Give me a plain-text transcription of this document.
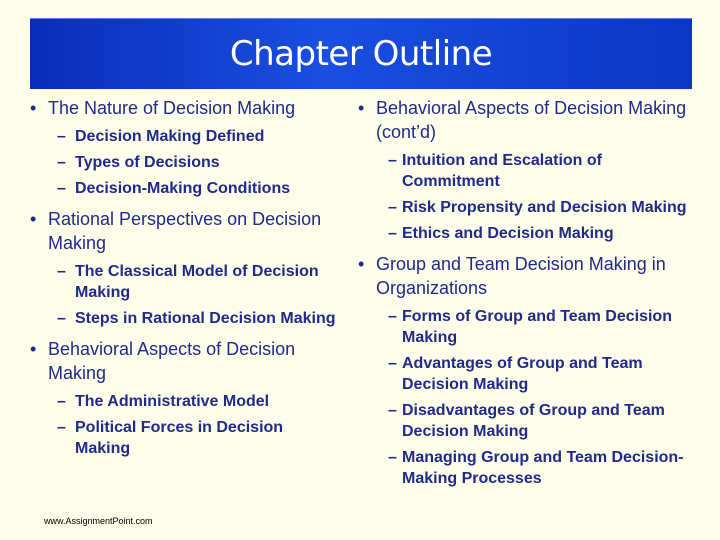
Chapter Outline
• The Nature of Decision Making
– Decision Making Defined
– Types of Decisions
– Decision-Making Conditions
• Rational Perspectives on Decision Making
– The Classical Model of Decision Making
– Steps in Rational Decision Making
• Behavioral Aspects of Decision Making
– The Administrative Model
– Political Forces in Decision Making
• Behavioral Aspects of Decision Making (cont’d)
– Intuition and Escalation of Commitment
– Risk Propensity and Decision Making
– Ethics and Decision Making
• Group and Team Decision Making in Organizations
– Forms of Group and Team Decision Making
– Advantages of Group and Team Decision Making
– Disadvantages of Group and Team Decision Making
– Managing Group and Team Decision-Making Processes
www.AssignmentPoint.com
